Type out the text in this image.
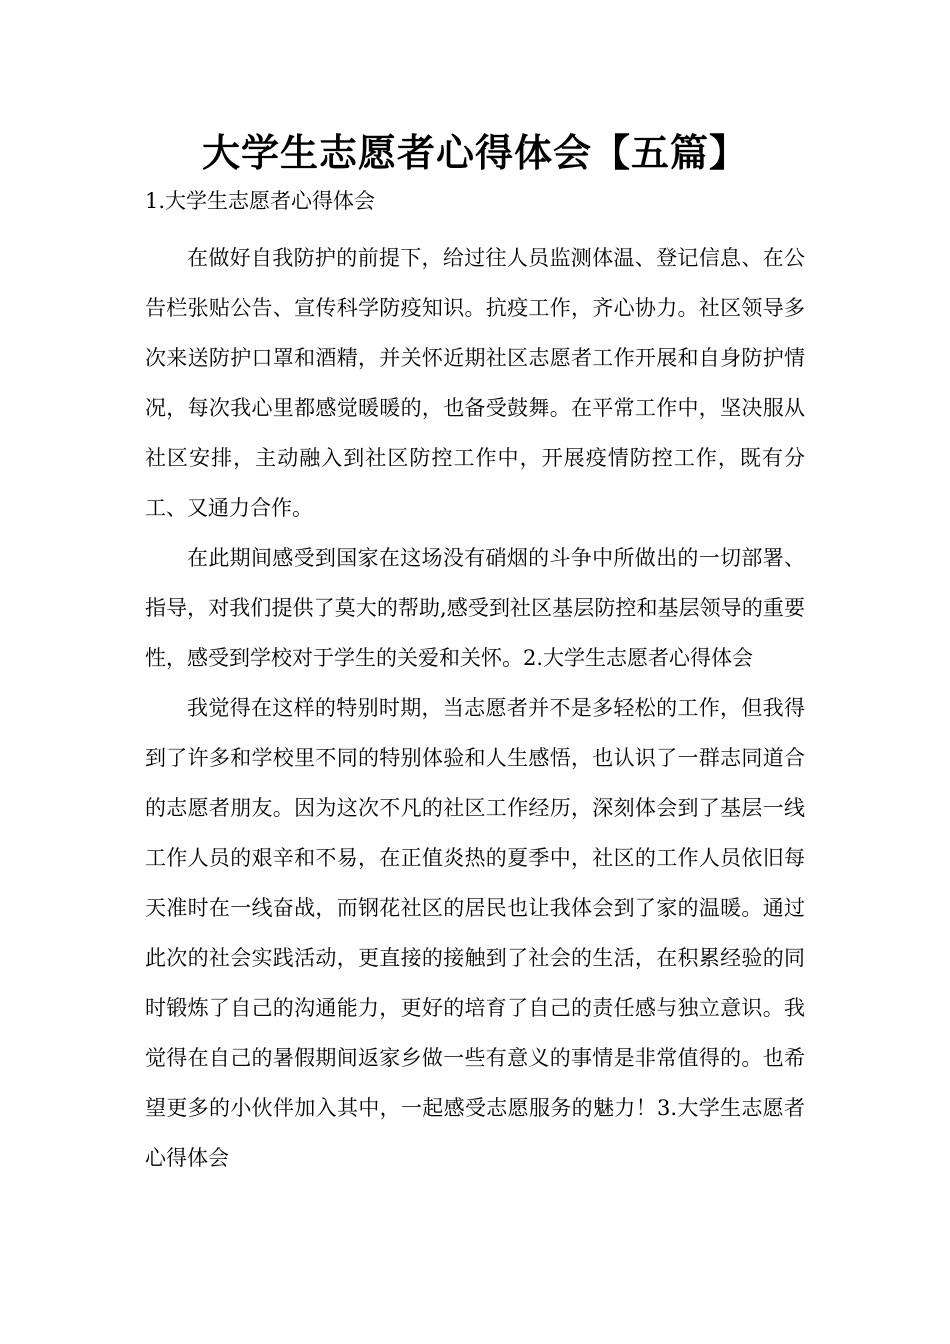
大学生志愿者心得体会【五篇】

1.大学生志愿者心得体会

在做好自我防护的前提下，给过往人员监测体温、登记信息、在公告栏张贴公告、宣传科学防疫知识。抗疫工作，齐心协力。社区领导多次来送防护口罩和酒精，并关怀近期社区志愿者工作开展和自身防护情况，每次我心里都感觉暖暖的，也备受鼓舞。在平常工作中，坚决服从社区安排，主动融入到社区防控工作中，开展疫情防控工作，既有分工、又通力合作。

在此期间感受到国家在这场没有硝烟的斗争中所做出的一切部署、指导，对我们提供了莫大的帮助,感受到社区基层防控和基层领导的重要性，感受到学校对于学生的关爱和关怀。2.大学生志愿者心得体会

我觉得在这样的特别时期，当志愿者并不是多轻松的工作，但我得到了许多和学校里不同的特别体验和人生感悟，也认识了一群志同道合的志愿者朋友。因为这次不凡的社区工作经历，深刻体会到了基层一线工作人员的艰辛和不易，在正值炎热的夏季中，社区的工作人员依旧每天准时在一线奋战，而钢花社区的居民也让我体会到了家的温暖。通过此次的社会实践活动，更直接的接触到了社会的生活，在积累经验的同时锻炼了自己的沟通能力，更好的培育了自己的责任感与独立意识。我觉得在自己的暑假期间返家乡做一些有意义的事情是非常值得的。也希望更多的小伙伴加入其中，一起感受志愿服务的魅力！3.大学生志愿者心得体会
